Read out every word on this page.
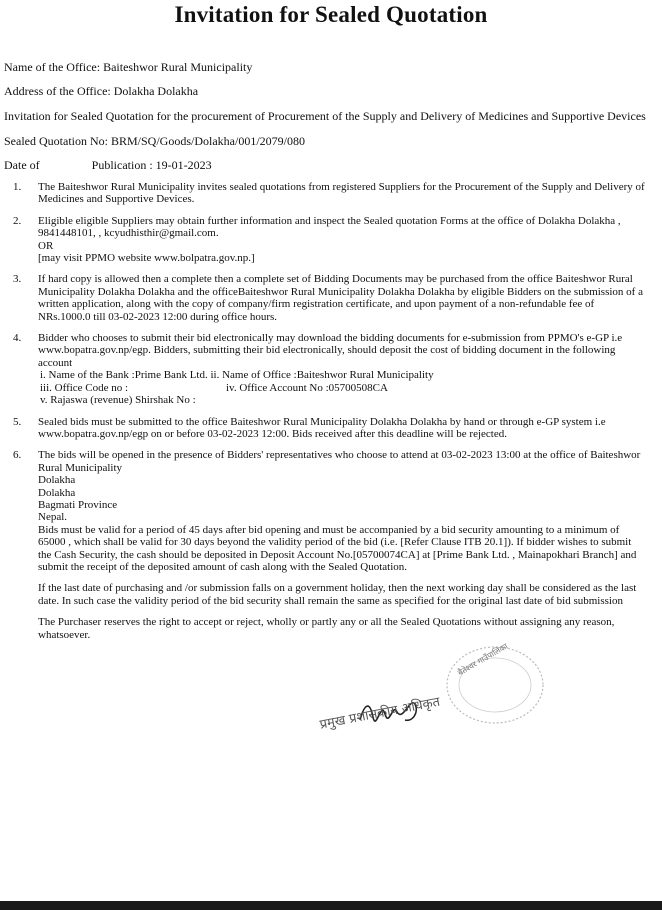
Invitation for Sealed Quotation
Name of the Office: Baiteshwor Rural Municipality
Address of the Office: Dolakha Dolakha
Invitation for Sealed Quotation for the procurement of Procurement of the Supply and Delivery of Medicines and Supportive Devices
Sealed Quotation No: BRM/SQ/Goods/Dolakha/001/2079/080
Date of	Publication : 19-01-2023
1. The Baiteshwor Rural Municipality invites sealed quotations from registered Suppliers for the Procurement of the Supply and Delivery of Medicines and Supportive Devices.
2. Eligible eligible Suppliers may obtain further information and inspect the Sealed quotation Forms at the office of Dolakha Dolakha , 9841448101, , kcyudhisthir@gmail.com.
OR
[may visit PPMO website www.bolpatra.gov.np.]
3. If hard copy is allowed then a complete then a complete set of Bidding Documents may be purchased from the office Baiteshwor Rural Municipality Dolakha Dolakha and the officeBaiteshwor Rural Municipality Dolakha Dolakha by eligible Bidders on the submission of a written application, along with the copy of company/firm registration certificate, and upon payment of a non-refundable fee of NRs.1000.0 till 03-02-2023 12:00 during office hours.
4. Bidder who chooses to submit their bid electronically may download the bidding documents for e-submission from PPMO's e-GP i.e www.bopatra.gov.np/egp. Bidders, submitting their bid electronically, should deposit the cost of bidding document in the following account
i. Name of the Bank :Prime Bank Ltd. ii. Name of Office :Baiteshwor Rural Municipality
iii. Office Code no :	iv. Office Account No :05700508CA
v. Rajaswa (revenue) Shirshak No :
5. Sealed bids must be submitted to the office Baiteshwor Rural Municipality Dolakha Dolakha by hand or through e-GP system i.e www.bopatra.gov.np/egp on or before 03-02-2023 12:00. Bids received after this deadline will be rejected.
6. The bids will be opened in the presence of Bidders' representatives who choose to attend at 03-02-2023 13:00 at the office of Baiteshwor Rural Municipality
Dolakha
Dolakha
Bagmati Province
Nepal.
Bids must be valid for a period of 45 days after bid opening and must be accompanied by a bid security amounting to a minimum of 65000 , which shall be valid for 30 days beyond the validity period of the bid (i.e. [Refer Clause ITB 20.1]). If bidder wishes to submit the Cash Security, the cash should be deposited in Deposit Account No.[05700074CA] at [Prime Bank Ltd. , Mainapokhari Branch] and submit the receipt of the deposited amount of cash along with the Sealed Quotation.
If the last date of purchasing and /or submission falls on a government holiday, then the next working day shall be considered as the last date. In such case the validity period of the bid security shall remain the same as specified for the original last date of bid submission
The Purchaser reserves the right to accept or reject, wholly or partly any or all the Sealed Quotations without assigning any reason, whatsoever.
बैतेश्वर गाउँपालिका
प्रमुख प्रशासकीय अधिकृत
